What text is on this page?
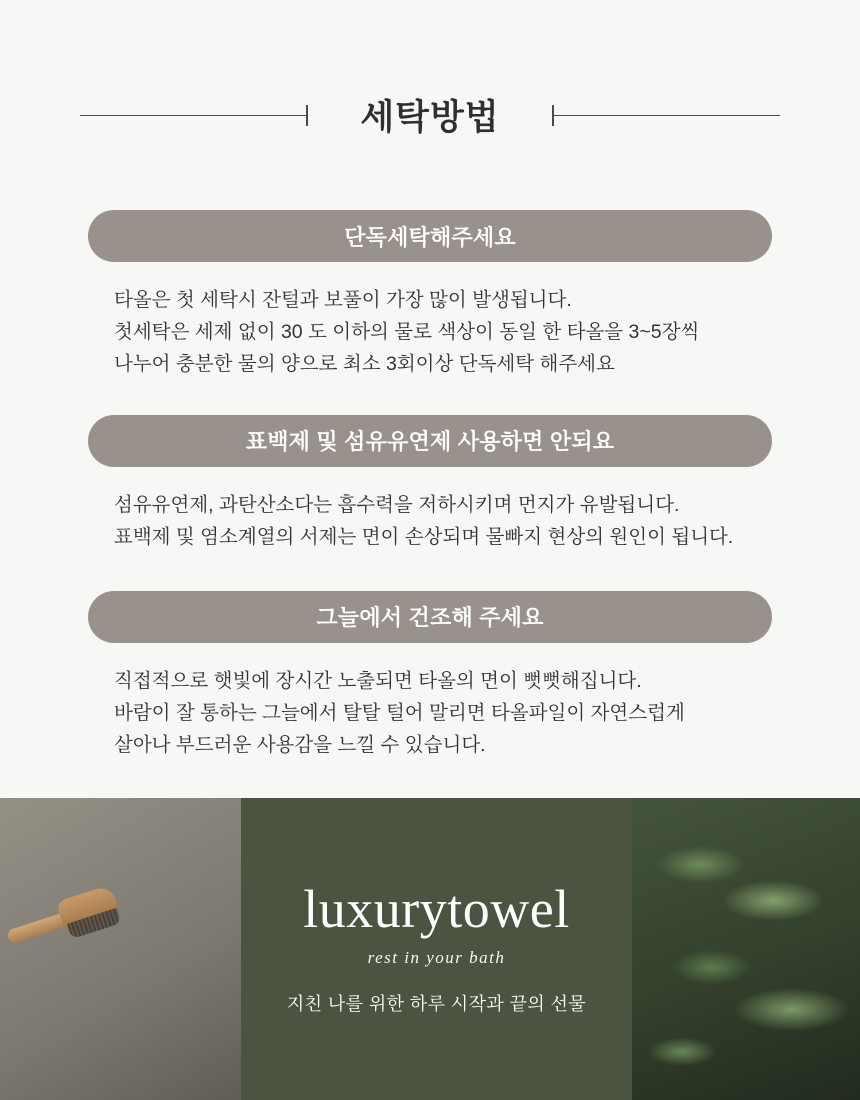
세탁방법
단독세탁해주세요

타올은 첫 세탁시 잔털과 보풀이 가장 많이 발생됩니다.

첫세탁은 세제 없이 30 도 이하의 물로 색상이 동일 한 타올을 3~5장씩

나누어 충분한 물의 양으로 최소 3회이상 단독세탁 해주세요

표백제 및 섬유유연제 사용하면 안되요

섬유유연제, 과탄산소다는 흡수력을 저하시키며 먼지가 유발됩니다.

표백제 및 염소계열의 서제는 면이 손상되며 물빠지 현상의 원인이 됩니다.

그늘에서 건조해 주세요

직접적으로 햇빛에 장시간 노출되면 타올의 면이 뻣뻣해집니다.

바람이 잘 통하는 그늘에서 탈탈 털어 말리면 타올파일이 자연스럽게

살아나 부드러운 사용감을 느낄 수 있습니다.

luxurytowel
rest in your bath
지친 나를 위한 하루 시작과 끝의 선물
